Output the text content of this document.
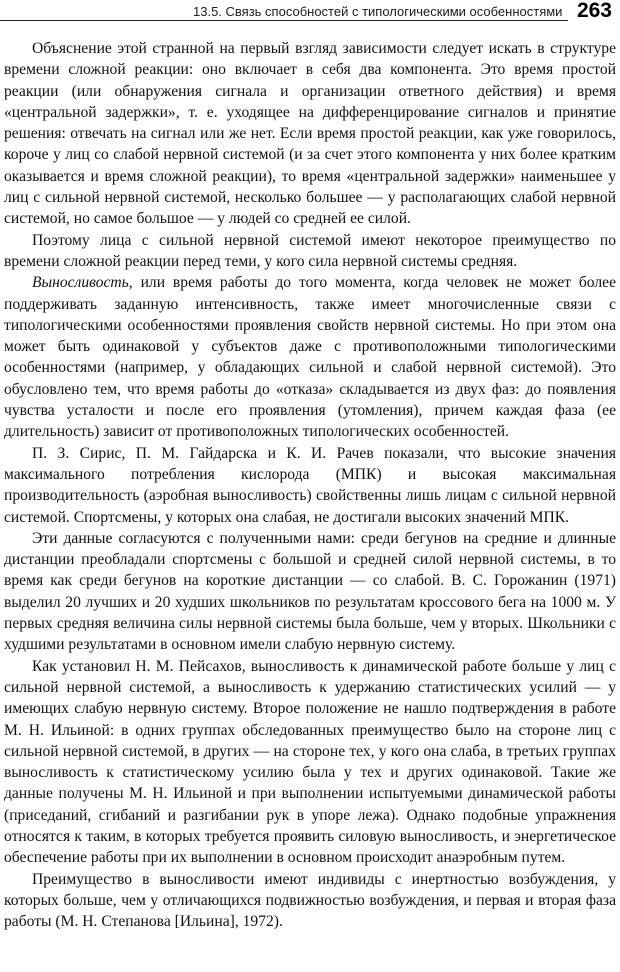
13.5. Связь способностей с типологическими особенностями 263

Объяснение этой странной на первый взгляд зависимости следует искать в структуре времени сложной реакции: оно включает в себя два компонента. Это время простой реакции (или обнаружения сигнала и организации ответного действия) и время «центральной задержки», т. е. уходящее на дифференцирование сигналов и принятие решения: отвечать на сигнал или же нет. Если время простой реакции, как уже говорилось, короче у лиц со слабой нервной системой (и за счет этого компонента у них более кратким оказывается и время сложной реакции), то время «центральной задержки» наименьшее у лиц с сильной нервной системой, несколько большее — у располагающих слабой нервной системой, но самое большое — у людей со средней ее силой.

Поэтому лица с сильной нервной системой имеют некоторое преимущество по времени сложной реакции перед теми, у кого сила нервной системы средняя.

Выносливость, или время работы до того момента, когда человек не может более поддерживать заданную интенсивность, также имеет многочисленные связи с типологическими особенностями проявления свойств нервной системы. Но при этом она может быть одинаковой у субъектов даже с противоположными типологическими особенностями (например, у обладающих сильной и слабой нервной системой). Это обусловлено тем, что время работы до «отказа» складывается из двух фаз: до появления чувства усталости и после его проявления (утомления), причем каждая фаза (ее длительность) зависит от противоположных типологических особенностей.

П. З. Сирис, П. М. Гайдарска и К. И. Рачев показали, что высокие значения максимального потребления кислорода (МПК) и высокая максимальная производительность (аэробная выносливость) свойственны лишь лицам с сильной нервной системой. Спортсмены, у которых она слабая, не достигали высоких значений МПК.

Эти данные согласуются с полученными нами: среди бегунов на средние и длинные дистанции преобладали спортсмены с большой и средней силой нервной системы, в то время как среди бегунов на короткие дистанции — со слабой. В. С. Горожанин (1971) выделил 20 лучших и 20 худших школьников по результатам кроссового бега на 1000 м. У первых средняя величина силы нервной системы была больше, чем у вторых. Школьники с худшими результатами в основном имели слабую нервную систему.

Как установил Н. М. Пейсахов, выносливость к динамической работе больше у лиц с сильной нервной системой, а выносливость к удержанию статистических усилий — у имеющих слабую нервную систему. Второе положение не нашло подтверждения в работе М. Н. Ильиной: в одних группах обследованных преимущество было на стороне лиц с сильной нервной системой, в других — на стороне тех, у кого она слаба, в третьих группах выносливость к статистическому усилию была у тех и других одинаковой. Такие же данные получены М. Н. Ильиной и при выполнении испытуемыми динамической работы (приседаний, сгибаний и разгибании рук в упоре лежа). Однако подобные упражнения относятся к таким, в которых требуется проявить силовую выносливость, и энергетическое обеспечение работы при их выполнении в основном происходит анаэробным путем.

Преимущество в выносливости имеют индивиды с инертностью возбуждения, у которых больше, чем у отличающихся подвижностью возбуждения, и первая и вторая фаза работы (М. Н. Степанова [Ильина], 1972).
